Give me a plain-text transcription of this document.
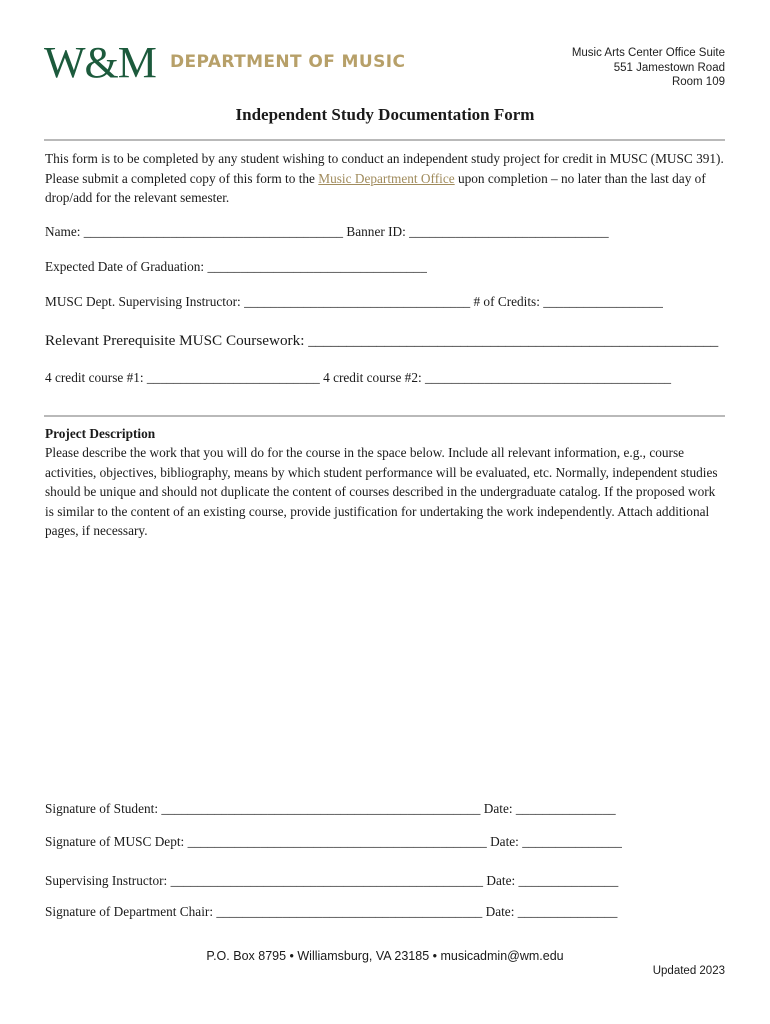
W&M DEPARTMENT OF MUSIC	Music Arts Center Office Suite
551 Jamestown Road
Room 109
Independent Study Documentation Form
This form is to be completed by any student wishing to conduct an independent study project for credit in MUSC (MUSC 391). Please submit a completed copy of this form to the Music Department Office upon completion – no later than the last day of drop/add for the relevant semester.
Name: _______________________________________ Banner ID: ______________________________
Expected Date of Graduation: _________________________________
MUSC Dept. Supervising Instructor: __________________________________ # of Credits: __________________
Relevant Prerequisite MUSC Coursework: ______________________________________________________
4 credit course #1: __________________________ 4 credit course #2: _____________________________________
Project Description
Please describe the work that you will do for the course in the space below. Include all relevant information, e.g., course activities, objectives, bibliography, means by which student performance will be evaluated, etc. Normally, independent studies should be unique and should not duplicate the content of courses described in the undergraduate catalog. If the proposed work is similar to the content of an existing course, provide justification for undertaking the work independently. Attach additional pages, if necessary.
Signature of Student: ________________________________________________ Date: _______________
Signature of MUSC Dept: _____________________________________________ Date: _______________
Supervising Instructor: _______________________________________________ Date: _______________
Signature of Department Chair: ________________________________________ Date: _______________
P.O. Box 8795 • Williamsburg, VA 23185 • musicadmin@wm.edu
Updated 2023
